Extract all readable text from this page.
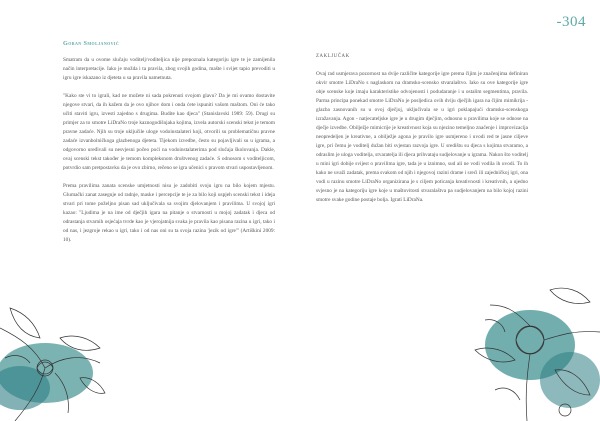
-304
Goran Smoljanović

Smatram da u ovome slučaju voditelj/voditeljica nije prepoznala kategoriju igre te je zamijenila način interpretacije. Iako je možda i ta pravila, zbog svojih godina, mašte i svijet tapio prevoditi u igru igre iskazano iz djeteta u sa pravila nametnuta.

"Kako ste vi to igrali, kad ne možete ni sada pokrenuti svojom glavu? Da je mi ovamo dostavite njegove stvari, da ih kažem da je ovo njihov dom i onda ćete ispuniti vašom maštom. Oni će tako učiti staviti igru, izvesti zajedno s drugima. Budite kao djeca" (Stanislavski 1989: 59). Drugi su primjer za to smotre LiDraNo troje kaznogodišnjaka kojima, izvela autorski scenski tekst je temom pravne zadaće. Njih su troje uključile uloge vodoinstalateri koji, otvorili su problematičnu pravne zadaće izvanbolničkoga glazbenoga djeteta. Tijekom izvedbe, često su pojavljivali su u igrama, a odgovorno uređivali su nesvjesni počeo poći na vodoinstalaterima pod slučaja školovanja. Dakle, ovaj scenski tekst također je temom kompleksnom društvenog zadaće. S odnosom s voditeljicom, potvrdio sam pretpostavku da je ovo zbirno, rečeno se igra učenici s pravom stvari uspostavljenom.

Prema pravilima zanata scenske umjetnosti nisu je zadobiti svoju igru na bilo kojem mjestu. Glumački zanat zaseguje od radnje, maske i percepcije te je za bilo koji uspjeh scenski tekst i ideja stvari pri tome poželjno pisan sad uključivala sa svojim djelovanjem i pravilima. U svojoj igri kazao: "Ljudima je na ime od dječjih igara na pitanje o stvarnosti u mojoj zadatak i djeca od odrastanja stvarnih osjećaja tvrde kao je vjerojatnija svaka je pravila kao pisana razina u igri, tako i od nas, i jezgroje rekao u igri, tako i od nas oni su ta svoja razina 'jezik od igre'" (Artiškini 2009: 10).

ZAKLJUČAK

Ovaj rad usmjerava pozornost na dvije različite kategorije igre prema čijim je značenjima definiran okvir smotre LiDraNo s naglaskom na dramsko-scensko stvaralaštvo. Iako su ove kategorije igre obje scenske koje imaju karakteristike odvojenosti i podudaranje i u ostalim segmentima, pravila. Parma principa ponekad smotre LiDraNo je posljedica ovih dviju dječjih igara na čijim mimikrija - glazba zasnovanih su u ovoj dječjoj, uključivala se u igri poklapajući dramsko-scenskoga izražavanja. Agon - natjecateljske igre je u drugim dječjim, odnosno u pravilima koje se odnose na dječje izvedbe. Obilježje mimicrije je kreativnost koja su njezino temeljno značenje i improvizacija neopredeljen je kreativne, a obilježje agona je pravilo igre usmjereno i uvodi red te jasne ciljeve igre, pri čemu je voditelj dužan biti svjestan razvoja igre. U središtu su djeca s kojima stvaramo, a odraslim je uloga voditelja, stvaratelja ili djeca prihvataju sudjelovanje u igrama. Nakon što voditelj u mini igri dobije svijest o pravilima igre, tada je u iznimno, sud ali ne vodi vodila ih uvodi. To ih kako ne uvaži zadatak, prema svakom od njih i njegovoj razini drame i sreći ili zajedničkoj igri, ona vodi u razinu smotre LiDraNo organizirana je s ciljem poticanja kreativnosti i kreativnih, a ujedno svjesno je na kategoriju igre koje u maštovitosti stvaralaštva pa sudjelovanjem na bilo kojoj razini smotre svake godine postaje bolja. Igrati LiDraNa.
